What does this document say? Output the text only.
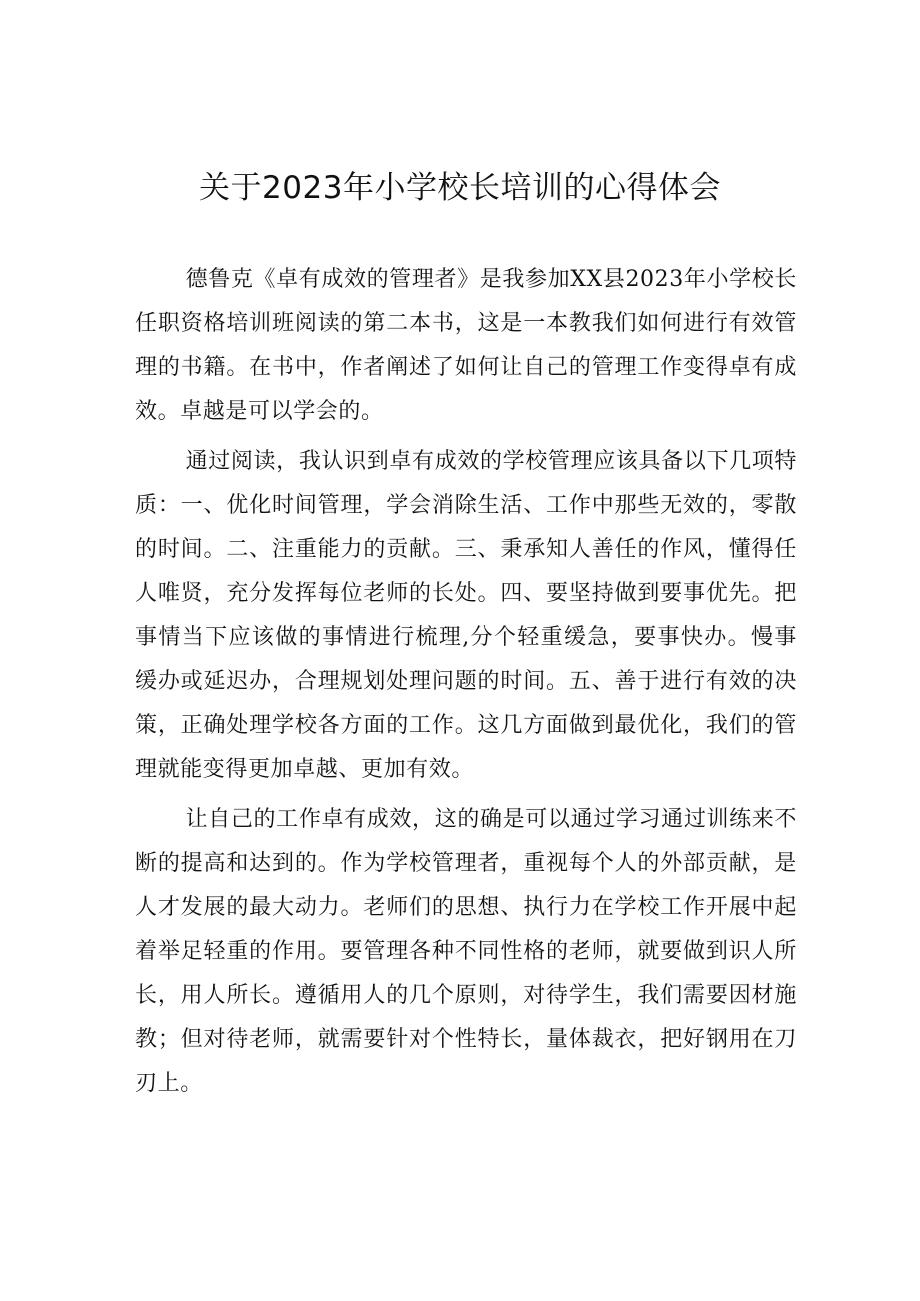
关于2023年小学校长培训的心得体会

德鲁克《卓有成效的管理者》是我参加XX县2023年小学校长任职资格培训班阅读的第二本书，这是一本教我们如何进行有效管理的书籍。在书中，作者阐述了如何让自己的管理工作变得卓有成效。卓越是可以学会的。

通过阅读，我认识到卓有成效的学校管理应该具备以下几项特质：一、优化时间管理，学会消除生活、工作中那些无效的，零散的时间。二、注重能力的贡献。三、秉承知人善任的作风，懂得任人唯贤，充分发挥每位老师的长处。四、要坚持做到要事优先。把事情当下应该做的事情进行梳理,分个轻重缓急，要事快办。慢事缓办或延迟办，合理规划处理问题的时间。五、善于进行有效的决策，正确处理学校各方面的工作。这几方面做到最优化，我们的管理就能变得更加卓越、更加有效。

让自己的工作卓有成效，这的确是可以通过学习通过训练来不断的提高和达到的。作为学校管理者，重视每个人的外部贡献，是人才发展的最大动力。老师们的思想、执行力在学校工作开展中起着举足轻重的作用。要管理各种不同性格的老师，就要做到识人所长，用人所长。遵循用人的几个原则，对待学生，我们需要因材施教；但对待老师，就需要针对个性特长，量体裁衣，把好钢用在刀刃上。
